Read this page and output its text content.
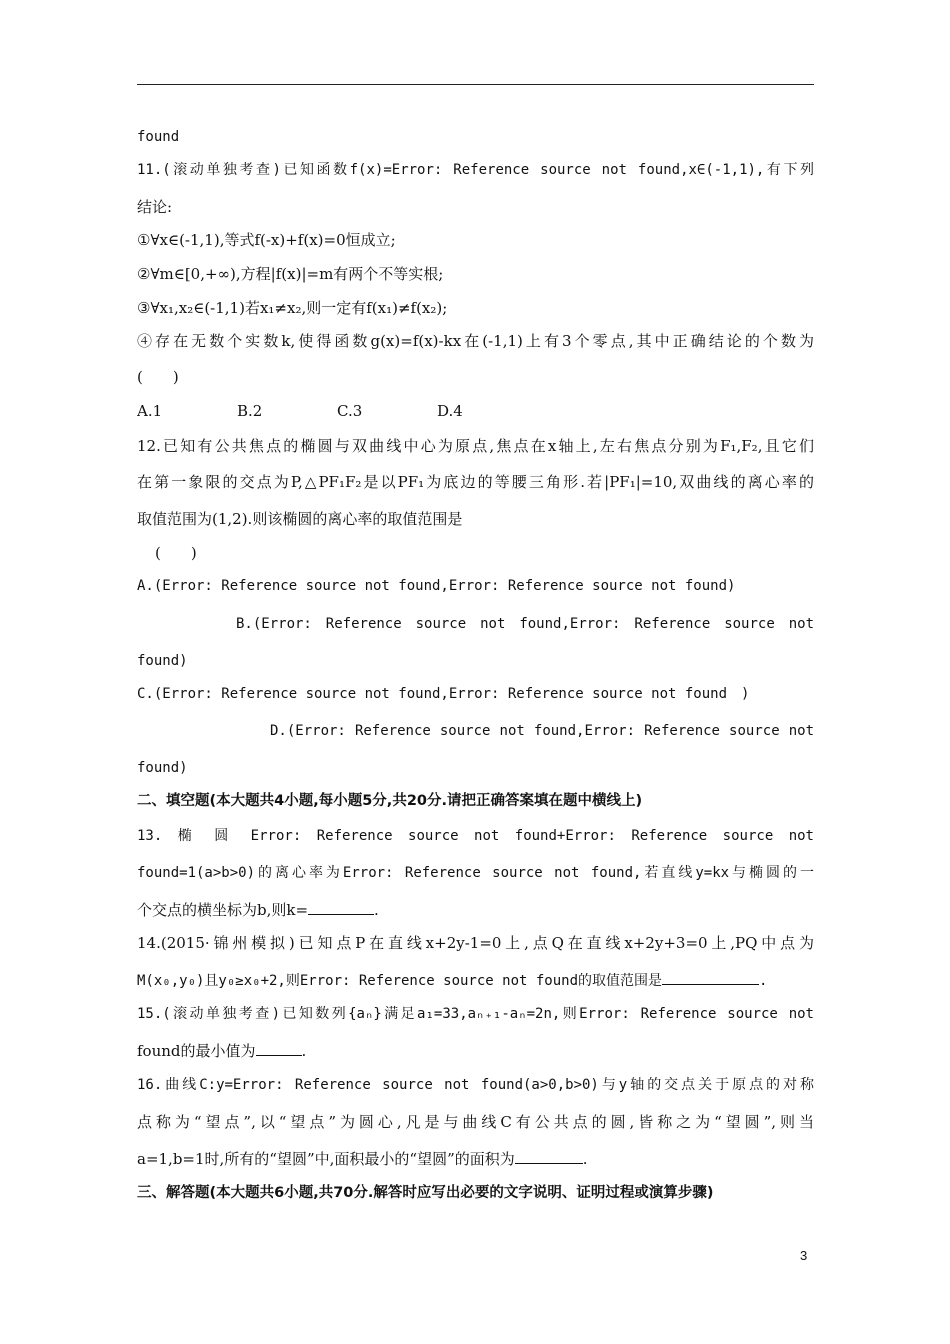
found
11.(滚动单独考查)已知函数f(x)=Error: Reference source not found,x∈(-1,1),有下列
结论:
①∀x∈(-1,1),等式f(-x)+f(x)=0恒成立;
②∀m∈[0,+∞),方程|f(x)|=m有两个不等实根;
③∀x₁,x₂∈(-1,1)若x₁≠x₂,则一定有f(x₁)≠f(x₂);
④存在无数个实数k,使得函数g(x)=f(x)-kx在(-1,1)上有3个零点,其中正确结论的个数为
(　　)
A.1	B.2	C.3	D.4
12.已知有公共焦点的椭圆与双曲线中心为原点,焦点在x轴上,左右焦点分别为F₁,F₂,且它们
在第一象限的交点为P,△PF₁F₂是以PF₁为底边的等腰三角形.若|PF₁|=10,双曲线的离心率的
取值范围为(1,2).则该椭圆的离心率的取值范围是
(　　)
A.(Error: Reference source not found,Error: Reference source not found)
B.(Error: Reference source not found,Error: Reference source not
found)
C.(Error: Reference source not found,Error: Reference source not found　)
D.(Error: Reference source not found,Error: Reference source not
found)
二、填空题(本大题共4小题,每小题5分,共20分.请把正确答案填在题中横线上)
13. 椭 圆 Error: Reference source not found+Error: Reference source not
found=1(a>b>0)的离心率为Error: Reference source not found,若直线y=kx与椭圆的一
个交点的横坐标为b,则k=	.
14.(2015·锦州模拟)已知点P在直线x+2y-1=0上,点Q在直线x+2y+3=0上,PQ中点为
M(x₀,y₀)且y₀≥x₀+2,则Error: Reference source not found的取值范围是	.
15.(滚动单独考查)已知数列{aₙ}满足a₁=33,aₙ₊₁-aₙ=2n,则Error: Reference source not
found的最小值为	.
16.曲线C:y=Error: Reference source not found(a>0,b>0)与y轴的交点关于原点的对称
点称为“望点”,以“望点”为圆心,凡是与曲线C有公共点的圆,皆称之为“望圆”,则当
a=1,b=1时,所有的“望圆”中,面积最小的“望圆”的面积为	.
三、解答题(本大题共6小题,共70分.解答时应写出必要的文字说明、证明过程或演算步骤)
3
